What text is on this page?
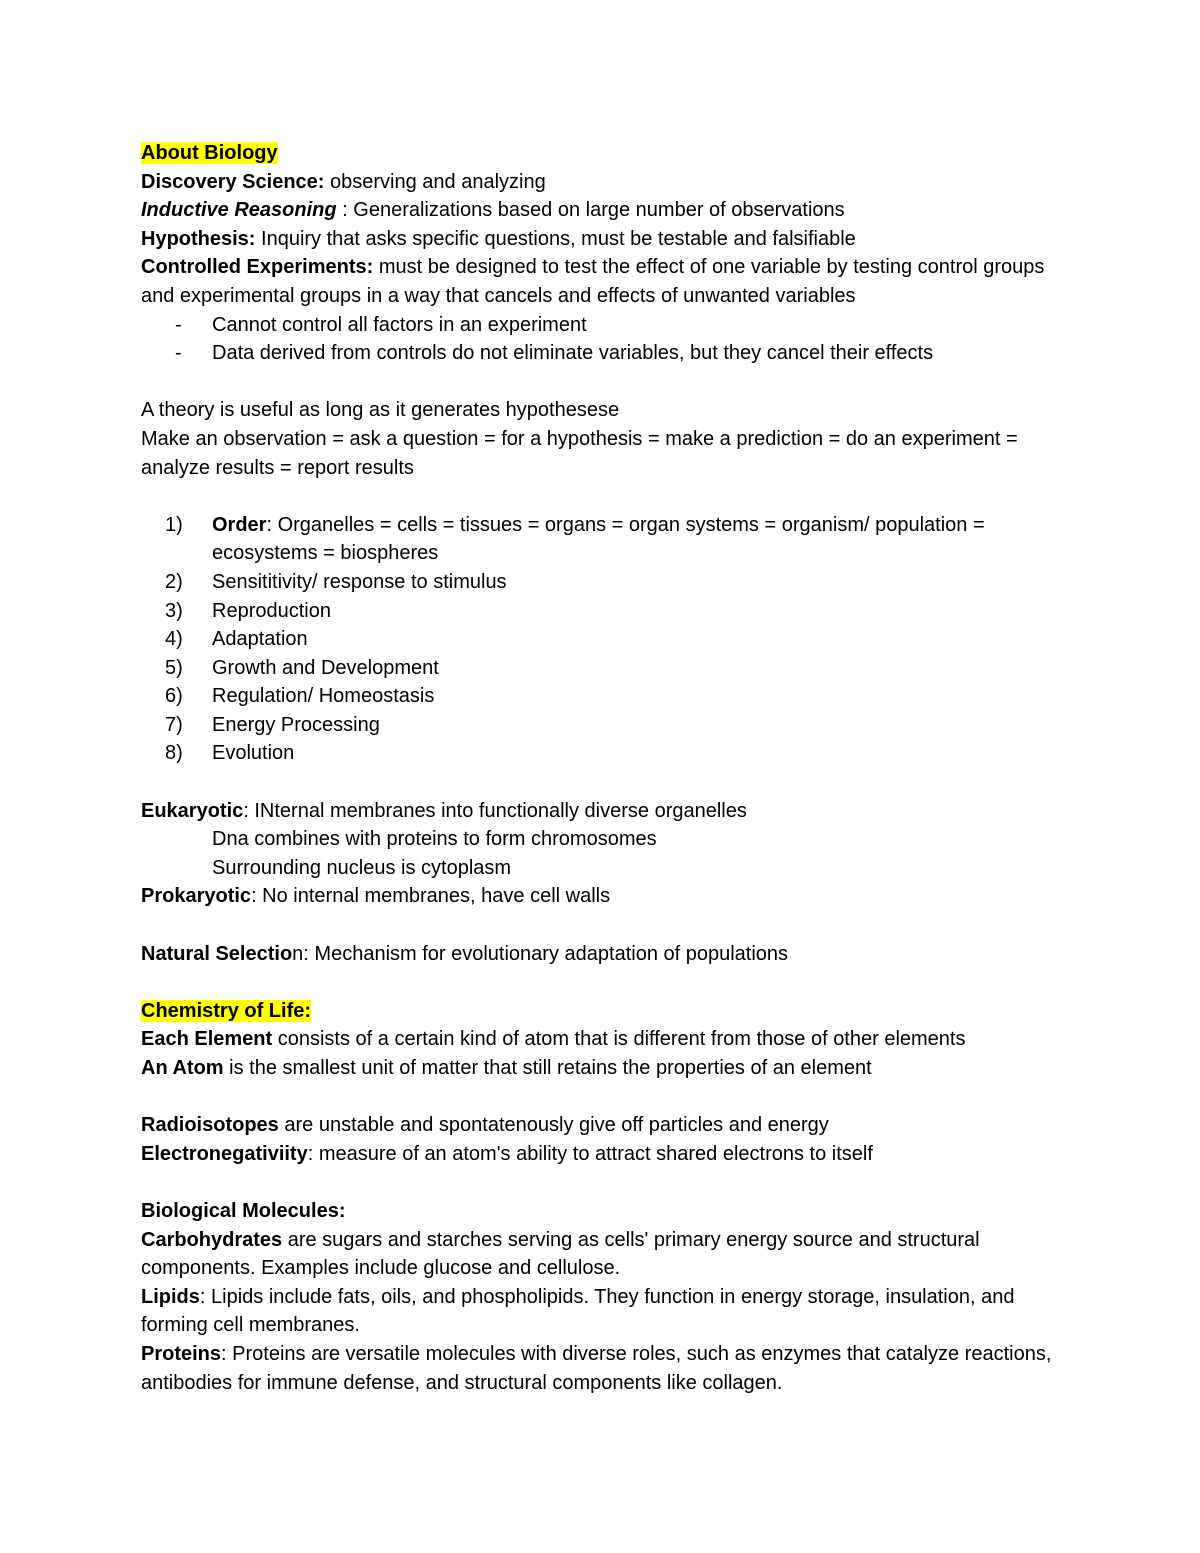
About Biology

Discovery Science: observing and analyzing

Inductive Reasoning : Generalizations based on large number of observations

Hypothesis: Inquiry that asks specific questions, must be testable and falsifiable

Controlled Experiments: must be designed to test the effect of one variable by testing control groups and experimental groups in a way that cancels and effects of unwanted variables

-	Cannot control all factors in an experiment
-	Data derived from controls do not eliminate variables, but they cancel their effects

A theory is useful as long as it generates hypothesese

Make an observation = ask a question = for a hypothesis = make a prediction = do an experiment = analyze results = report results

1)	Order: Organelles = cells = tissues = organs = organ systems = organism/ population = ecosystems = biospheres
2)	Sensititivity/ response to stimulus
3)	Reproduction
4)	Adaptation
5)	Growth and Development
6)	Regulation/ Homeostasis
7)	Energy Processing
8)	Evolution

Eukaryotic: INternal membranes into functionally diverse organelles

Dna combines with proteins to form chromosomes

Surrounding nucleus is cytoplasm

Prokaryotic: No internal membranes, have cell walls

Natural Selection: Mechanism for evolutionary adaptation of populations

Chemistry of Life:

Each Element consists of a certain kind of atom that is different from those of other elements

An Atom is the smallest unit of matter that still retains the properties of an element

Radioisotopes are unstable and spontatenously give off particles and energy

Electronegativiity: measure of an atom's ability to attract shared electrons to itself

Biological Molecules:

Carbohydrates are sugars and starches serving as cells' primary energy source and structural components. Examples include glucose and cellulose.

Lipids: Lipids include fats, oils, and phospholipids. They function in energy storage, insulation, and forming cell membranes.

Proteins: Proteins are versatile molecules with diverse roles, such as enzymes that catalyze reactions, antibodies for immune defense, and structural components like collagen.
